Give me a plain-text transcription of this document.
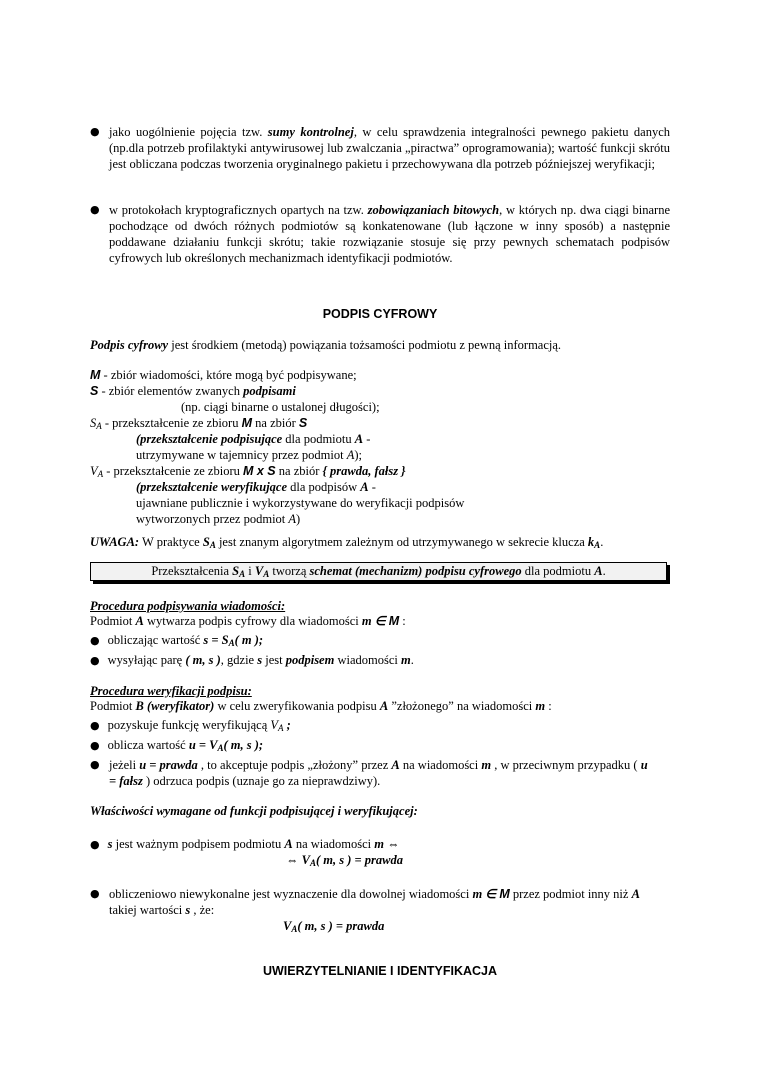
● jako uogólnienie pojęcia tzw. sumy kontrolnej, w celu sprawdzenia integralności pewnego pakietu danych (np.dla potrzeb profilaktyki antywirusowej lub zwalczania „piractwa” oprogramowania); wartość funkcji skrótu jest obliczana podczas tworzenia oryginalnego pakietu i przechowywana dla potrzeb późniejszej weryfikacji;
● w protokołach kryptograficznych opartych na tzw. zobowiązaniach bitowych, w których np. dwa ciągi binarne pochodzące od dwóch różnych podmiotów są konkatenowane (lub łączone w inny sposób) a następnie poddawane działaniu funkcji skrótu; takie rozwiązanie stosuje się przy pewnych schematach podpisów cyfrowych lub określonych mechanizmach identyfikacji podmiotów.
PODPIS CYFROWY
Podpis cyfrowy jest środkiem (metodą) powiązania tożsamości podmiotu z pewną informacją.
M - zbiór wiadomości, które mogą być podpisywane;
S - zbiór elementów zwanych podpisami
(np. ciągi binarne o ustalonej długości);
$S_A$ - przekształcenie ze zbioru M na zbiór S
(przekształcenie podpisujące dla podmiotu A -
utrzymywane w tajemnicy przez podmiot A);
$V_A$ - przekształcenie ze zbioru M x S na zbiór { prawda, fałsz }
(przekształcenie weryfikujące dla podpisów A -
ujawniane publicznie i wykorzystywane do weryfikacji podpisów
wytworzonych przez podmiot A)
UWAGA: W praktyce $S_A$ jest znanym algorytmem zależnym od utrzymywanego w sekrecie klucza $k_A$.
Przekształcenia $S_A$ i $V_A$ tworzą schemat (mechanizm) podpisu cyfrowego dla podmiotu A.
Procedura podpisywania wiadomości:
Podmiot A wytwarza podpis cyfrowy dla wiadomości m ∈ M :
● obliczając wartość $s = S_A$( m );
● wysyłając parę ( m, s ), gdzie s jest podpisem wiadomości m.
Procedura weryfikacji podpisu:
Podmiot B (weryfikator) w celu zweryfikowania podpisu A ”złożonego” na wiadomości m :
● pozyskuje funkcję weryfikującą $V_A$ ;
● oblicza wartość $u = V_A$( m, s );
● jeżeli u = prawda , to akceptuje podpis „złożony” przez A na wiadomości m , w przeciwnym przypadku ( u
= fałsz ) odrzuca podpis (uznaje go za nieprawdziwy).
Właściwości wymagane od funkcji podpisującej i weryfikującej:
● s jest ważnym podpisem podmiotu A na wiadomości m ⇔
⇔ $V_A$( m, s ) = prawda
● obliczeniowo niewykonalne jest wyznaczenie dla dowolnej wiadomości m ∈ M przez podmiot inny niż A
takiej wartości s , że:
$V_A$( m, s ) = prawda
UWIERZYTELNIANIE I IDENTYFIKACJA
